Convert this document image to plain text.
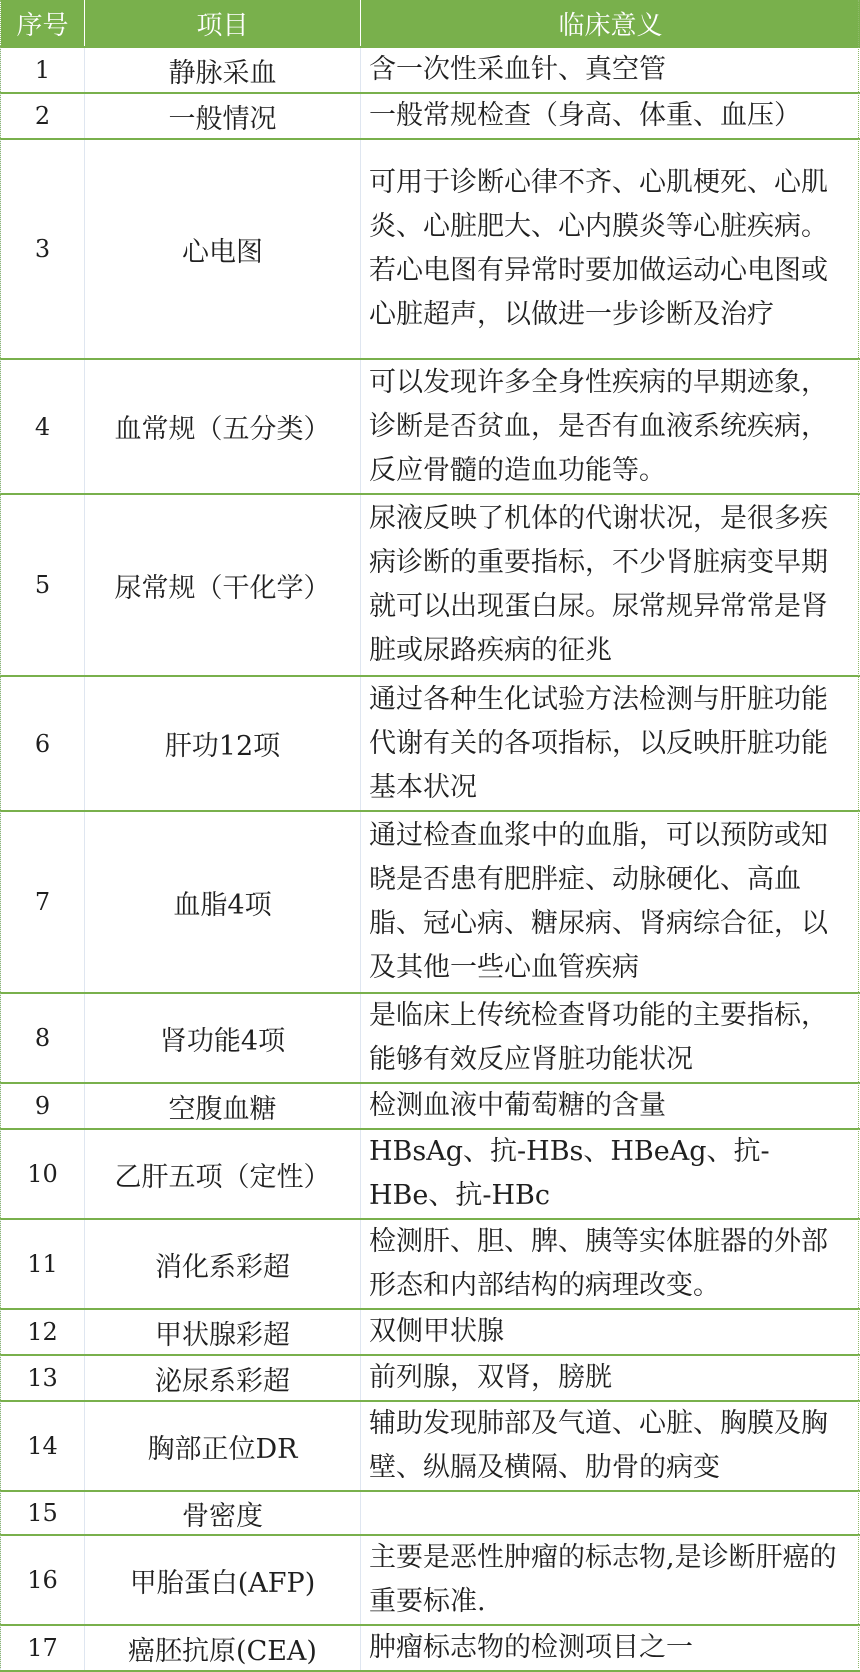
序号	项目	临床意义
1	静脉采血	含一次性采血针、真空管

2	一般情况	一般常规检查（身高、体重、血压）

3	心电图	可用于诊断心律不齐、心肌梗死、心肌炎、心脏肥大、心内膜炎等心脏疾病。若心电图有异常时要加做运动心电图或心脏超声，以做进一步诊断及治疗

4	血常规（五分类）	可以发现许多全身性疾病的早期迹象，诊断是否贫血，是否有血液系统疾病，反应骨髓的造血功能等。

5	尿常规（干化学）	尿液反映了机体的代谢状况，是很多疾病诊断的重要指标，不少肾脏病变早期就可以出现蛋白尿。尿常规异常常是肾脏或尿路疾病的征兆

6	肝功12项	通过各种生化试验方法检测与肝脏功能代谢有关的各项指标，以反映肝脏功能基本状况

7	血脂4项	通过检查血浆中的血脂，可以预防或知晓是否患有肥胖症、动脉硬化、高血脂、冠心病、糖尿病、肾病综合征，以及其他一些心血管疾病

8	肾功能4项	是临床上传统检查肾功能的主要指标，能够有效反应肾脏功能状况

9	空腹血糖	检测血液中葡萄糖的含量

10	乙肝五项（定性）	HBsAg、抗-HBs、HBeAg、抗-HBe、抗-HBc

11	消化系彩超	检测肝、胆、脾、胰等实体脏器的外部形态和内部结构的病理改变。

12	甲状腺彩超	双侧甲状腺

13	泌尿系彩超	前列腺，双肾，膀胱

14	胸部正位DR	辅助发现肺部及气道、心脏、胸膜及胸壁、纵膈及横隔、肋骨的病变

15	骨密度	

16	甲胎蛋白(AFP)	主要是恶性肿瘤的标志物,是诊断肝癌的重要标准.

17	癌胚抗原(CEA)	肿瘤标志物的检测项目之一
